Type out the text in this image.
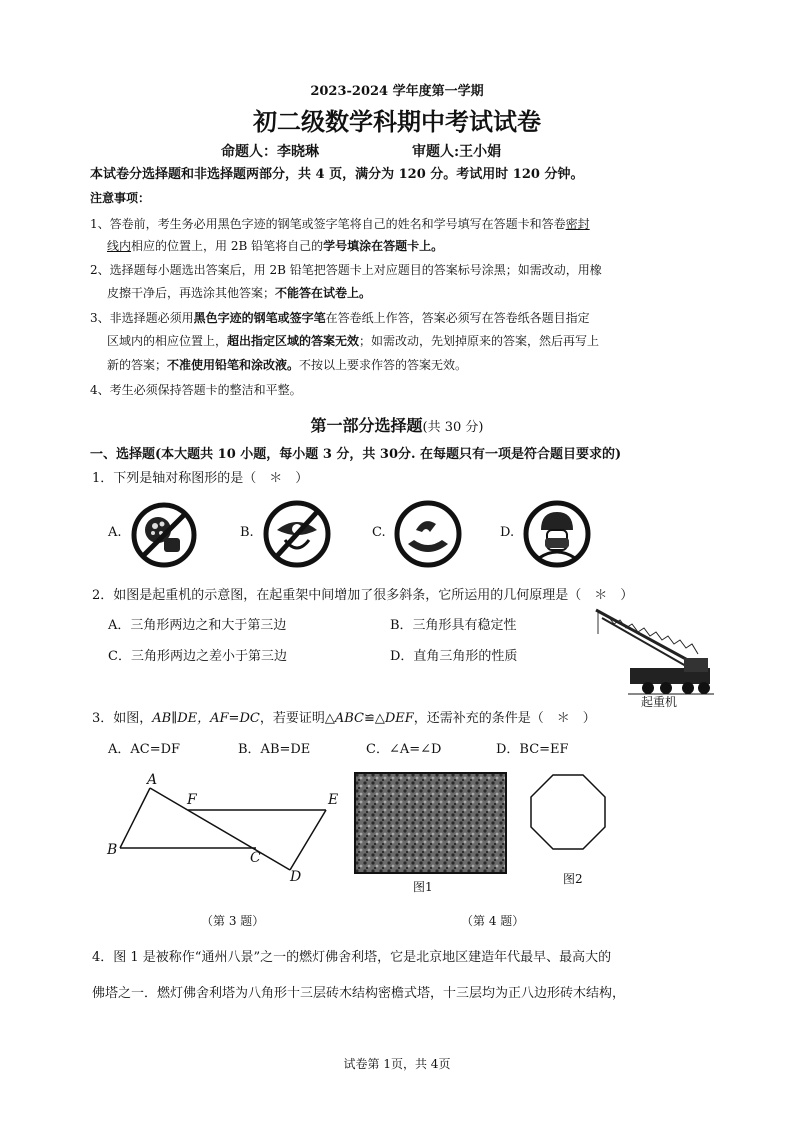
2023-2024 学年度第一学期
初二级数学科期中考试试卷
命题人：李晓琳	审题人:王小娟
本试卷分选择题和非选择题两部分，共 4 页，满分为 120 分。考试用时 120 分钟。
注意事项：
1、答卷前，考生务必用黑色字迹的钢笔或签字笔将自己的姓名和学号填写在答题卡和答卷密封
线内相应的位置上，用 2B 铅笔将自己的学号填涂在答题卡上。
2、选择题每小题选出答案后，用 2B 铅笔把答题卡上对应题目的答案标号涂黑；如需改动，用橡
皮擦干净后，再选涂其他答案；不能答在试卷上。
3、非选择题必须用黑色字迹的钢笔或签字笔在答卷纸上作答，答案必须写在答卷纸各题目指定
区域内的相应位置上，超出指定区域的答案无效；如需改动，先划掉原来的答案，然后再写上
新的答案；不准使用铅笔和涂改液。不按以上要求作答的答案无效。
4、考生必须保持答题卡的整洁和平整。
第一部分选择题(共 30 分)
一、选择题(本大题共 10 小题，每小题 3 分，共 30分. 在每题只有一项是符合题目要求的)
1．下列是轴对称图形的是（　＊　）
A.	B.	C.	D.
2．如图是起重机的示意图，在起重架中间增加了很多斜条，它所运用的几何原理是（　＊　）
A．三角形两边之和大于第三边	B．三角形具有稳定性
C．三角形两边之差小于第三边	D．直角三角形的性质
起重机
3．如图，AB∥DE，AF=DC，若要证明△ABC≌△DEF，还需补充的条件是（　＊　）
A．AC=DF	B．AB=DE	C．∠A=∠D	D．BC=EF
A
B	C
D
E
F
（第 3 题）
图1
图2
（第 4 题）
4．图 1 是被称作“通州八景”之一的燃灯佛舍利塔，它是北京地区建造年代最早、最高大的
佛塔之一．燃灯佛舍利塔为八角形十三层砖木结构密檐式塔，十三层均为正八边形砖木结构，
试卷第 1页，共 4页
